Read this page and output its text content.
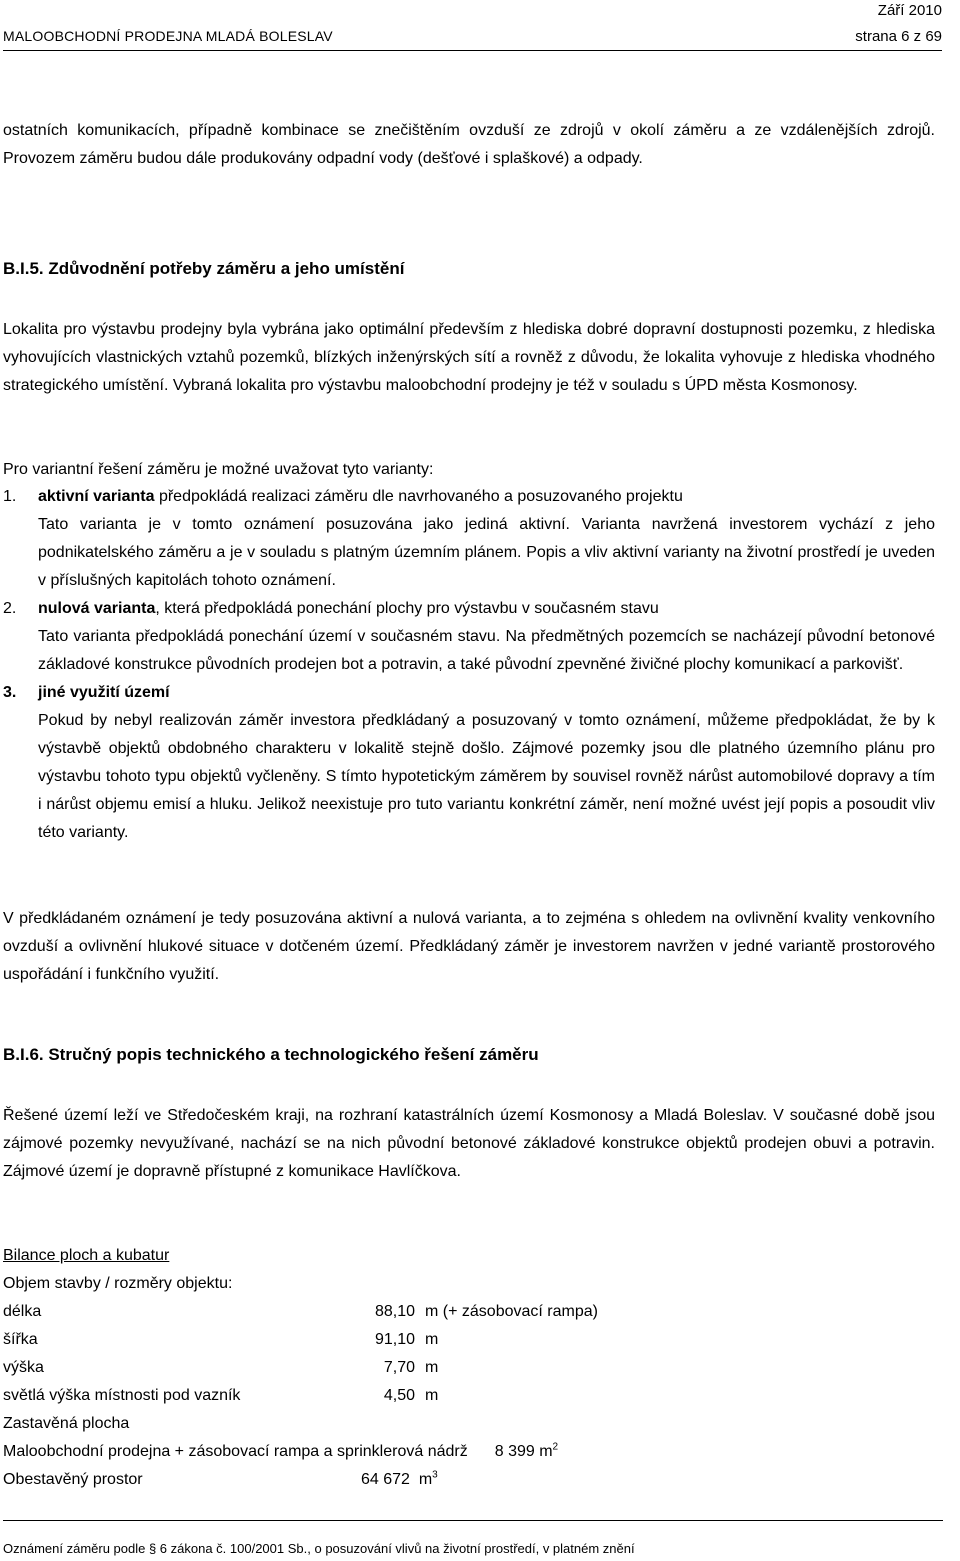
Září 2010
MALOOBCHODNÍ PRODEJNA MLADÁ BOLESLAV	strana 6 z 69

ostatních komunikacích, případně kombinace se znečištěním ovzduší ze zdrojů v okolí záměru a ze vzdálenějších zdrojů. Provozem záměru budou dále produkovány odpadní vody (dešťové i splaškové) a odpady.

B.I.5. Zdůvodnění potřeby záměru a jeho umístění

Lokalita pro výstavbu prodejny byla vybrána jako optimální především z hlediska dobré dopravní dostupnosti pozemku, z hlediska vyhovujících vlastnických vztahů pozemků, blízkých inženýrských sítí a rovněž z důvodu, že lokalita vyhovuje z hlediska vhodného strategického umístění. Vybraná lokalita pro výstavbu maloobchodní prodejny je též v souladu s ÚPD města Kosmonosy.

Pro variantní řešení záměru je možné uvažovat tyto varianty:

1.	aktivní varianta předpokládá realizaci záměru dle navrhovaného a posuzovaného projektu
Tato varianta je v tomto oznámení posuzována jako jediná aktivní. Varianta navržená investorem vychází z jeho podnikatelského záměru a je v souladu s platným územním plánem. Popis a vliv aktivní varianty na životní prostředí je uveden v příslušných kapitolách tohoto oznámení.
2.	nulová varianta, která předpokládá ponechání plochy pro výstavbu v současném stavu
Tato varianta předpokládá ponechání území v současném stavu. Na předmětných pozemcích se nacházejí původní betonové základové konstrukce původních prodejen bot a potravin, a také původní zpevněné živičné plochy komunikací a parkovišť.
3.	jiné využití území
Pokud by nebyl realizován záměr investora předkládaný a posuzovaný v tomto oznámení, můžeme předpokládat, že by k výstavbě objektů obdobného charakteru v lokalitě stejně došlo. Zájmové pozemky jsou dle platného územního plánu pro výstavbu tohoto typu objektů vyčleněny. S tímto hypotetickým záměrem by souvisel rovněž nárůst automobilové dopravy a tím i nárůst objemu emisí a hluku. Jelikož neexistuje pro tuto variantu konkrétní záměr, není možné uvést její popis a posoudit vliv této varianty.

V předkládaném oznámení je tedy posuzována aktivní a nulová varianta, a to zejména s ohledem na ovlivnění kvality venkovního ovzduší a ovlivnění hlukové situace v dotčeném území. Předkládaný záměr je investorem navržen v jedné variantě prostorového uspořádání i funkčního využití.

B.I.6. Stručný popis technického a technologického řešení záměru

Řešené území leží ve Středočeském kraji, na rozhraní katastrálních území Kosmonosy a Mladá Boleslav. V současné době jsou zájmové pozemky nevyužívané, nachází se na nich původní betonové základové konstrukce objektů prodejen obuvi a potravin. Zájmové území je dopravně přístupné z komunikace Havlíčkova.

Bilance ploch a kubatur

Objem stavby / rozměry objektu:

délka	88,10	m (+ zásobovací rampa)
šířka	91,10	m
výška	7,70	m
světlá výška místnosti pod vazník	4,50	m

Zastavěná plocha

Maloobchodní prodejna + zásobovací rampa a sprinklerová nádrž 8 399 $m^2$

Obestavěný prostor	64 672  $m^3$

Oznámení záměru podle § 6 zákona č. 100/2001 Sb., o posuzování vlivů na životní prostředí, v platném znění
